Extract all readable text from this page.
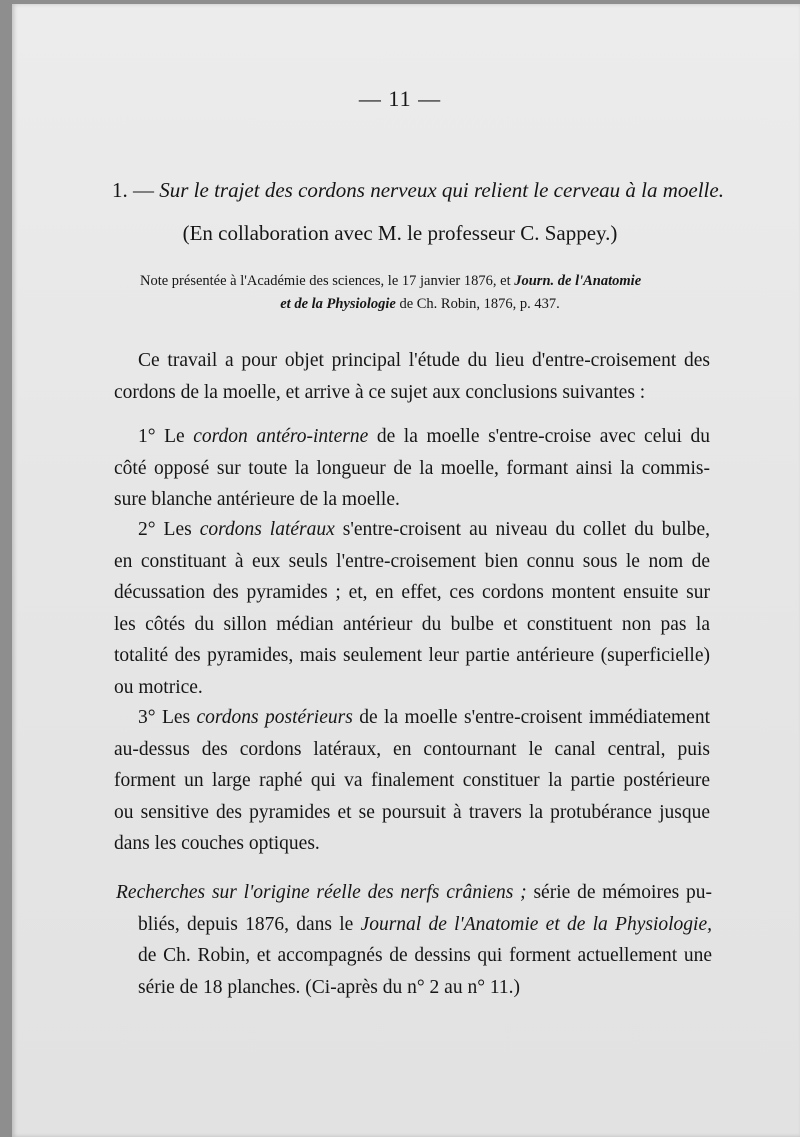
— 11 —
1. — Sur le trajet des cordons nerveux qui relient le cerveau à la moelle.
(En collaboration avec M. le professeur C. Sappey.)
Note présentée à l'Académie des sciences, le 17 janvier 1876, et Journ. de l'Anatomie
et de la Physiologie de Ch. Robin, 1876, p. 437.
Ce travail a pour objet principal l'étude du lieu d'entre-croisement des
cordons de la moelle, et arrive à ce sujet aux conclusions suivantes :
1° Le cordon antéro-interne de la moelle s'entre-croise avec celui du
côté opposé sur toute la longueur de la moelle, formant ainsi la commis-
sure blanche antérieure de la moelle.
2° Les cordons latéraux s'entre-croisent au niveau du collet du bulbe,
en constituant à eux seuls l'entre-croisement bien connu sous le nom de
décussation des pyramides ; et, en effet, ces cordons montent ensuite sur
les côtés du sillon médian antérieur du bulbe et constituent non pas la
totalité des pyramides, mais seulement leur partie antérieure (superficielle)
ou motrice.
3° Les cordons postérieurs de la moelle s'entre-croisent immédiatement
au-dessus des cordons latéraux, en contournant le canal central, puis
forment un large raphé qui va finalement constituer la partie postérieure
ou sensitive des pyramides et se poursuit à travers la protubérance jusque
dans les couches optiques.
Recherches sur l'origine réelle des nerfs crâniens ; série de mémoires pu-
bliés, depuis 1876, dans le Journal de l'Anatomie et de la Physiologie,
de Ch. Robin, et accompagnés de dessins qui forment actuellement une
série de 18 planches. (Ci-après du n° 2 au n° 11.)
